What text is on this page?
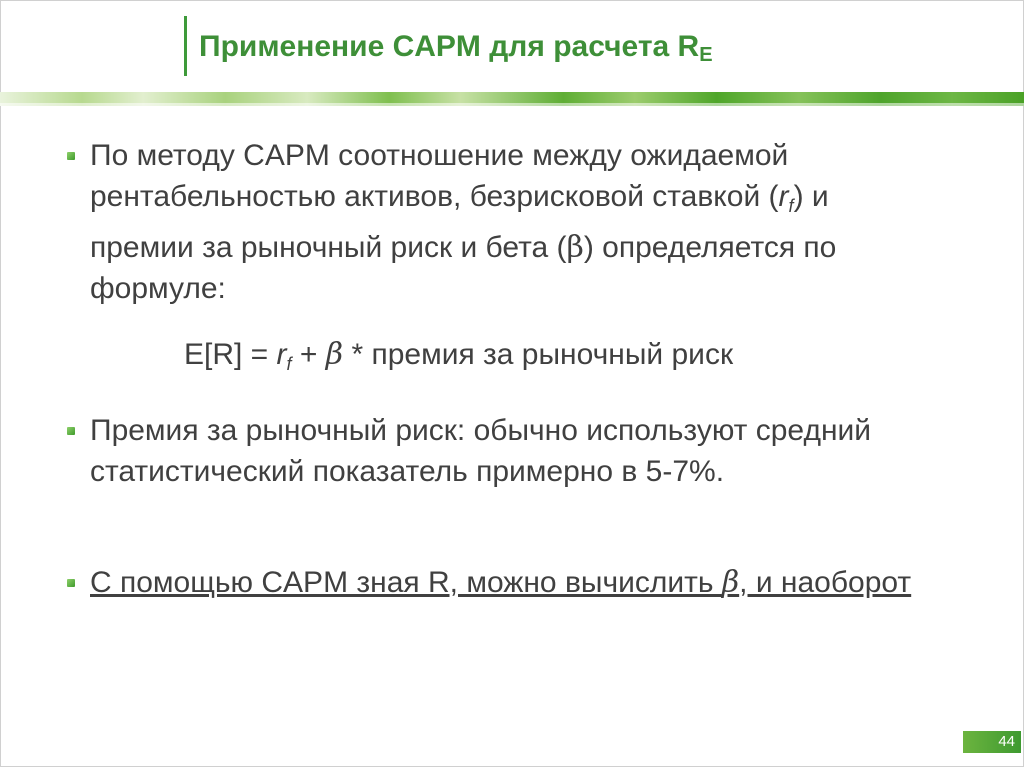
Применение CAPM для расчета $R_E$
По методу CAPM соотношение между ожидаемой рентабельностью активов, безрисковой ставкой $(r_f)$ и премии за рыночный риск и бета (β) определяется по формуле:
$E[R] = r_f + \beta$ * премия за рыночный риск
Премия за рыночный риск: обычно используют средний статистический показатель примерно в 5-7%.
С помощью CAPM зная R, можно вычислить β, и наоборот
44
